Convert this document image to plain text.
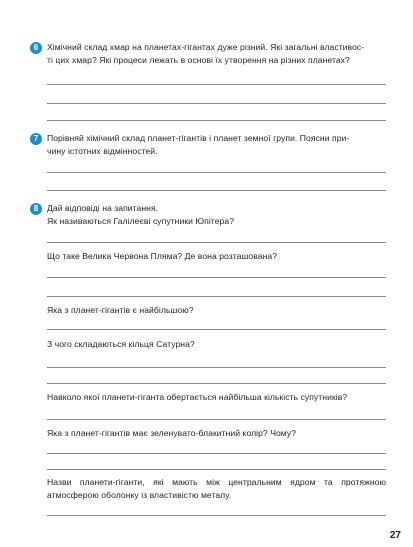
6	Хімічний склад хмар на планетах-гігантах дуже різний. Які загальні властивос-
ті цих хмар? Які процеси лежать в основі їх утворення на різних планетах?
7	Порівняй хімічний склад планет-гігантів і планет земної групи. Поясни при-
чину істотних відмінностей.
8	Дай відповіді на запитання.
Як називаються Галілеєві супутники Юпітера?
Що таке Велика Червона Пляма? Де вона розташована?
Яка з планет-гігантів є найбільшою?
З чого складаються кільця Сатурна?
Навколо якої планети-гіганта обертається найбільша кількість супутників?
Яка з планет-гігантів має зеленувато-блакитний колір? Чому?
Назви планети-гіганти, які мають між центральним ядром та протяжною атмосферою оболонку із властивістю металу.
27
